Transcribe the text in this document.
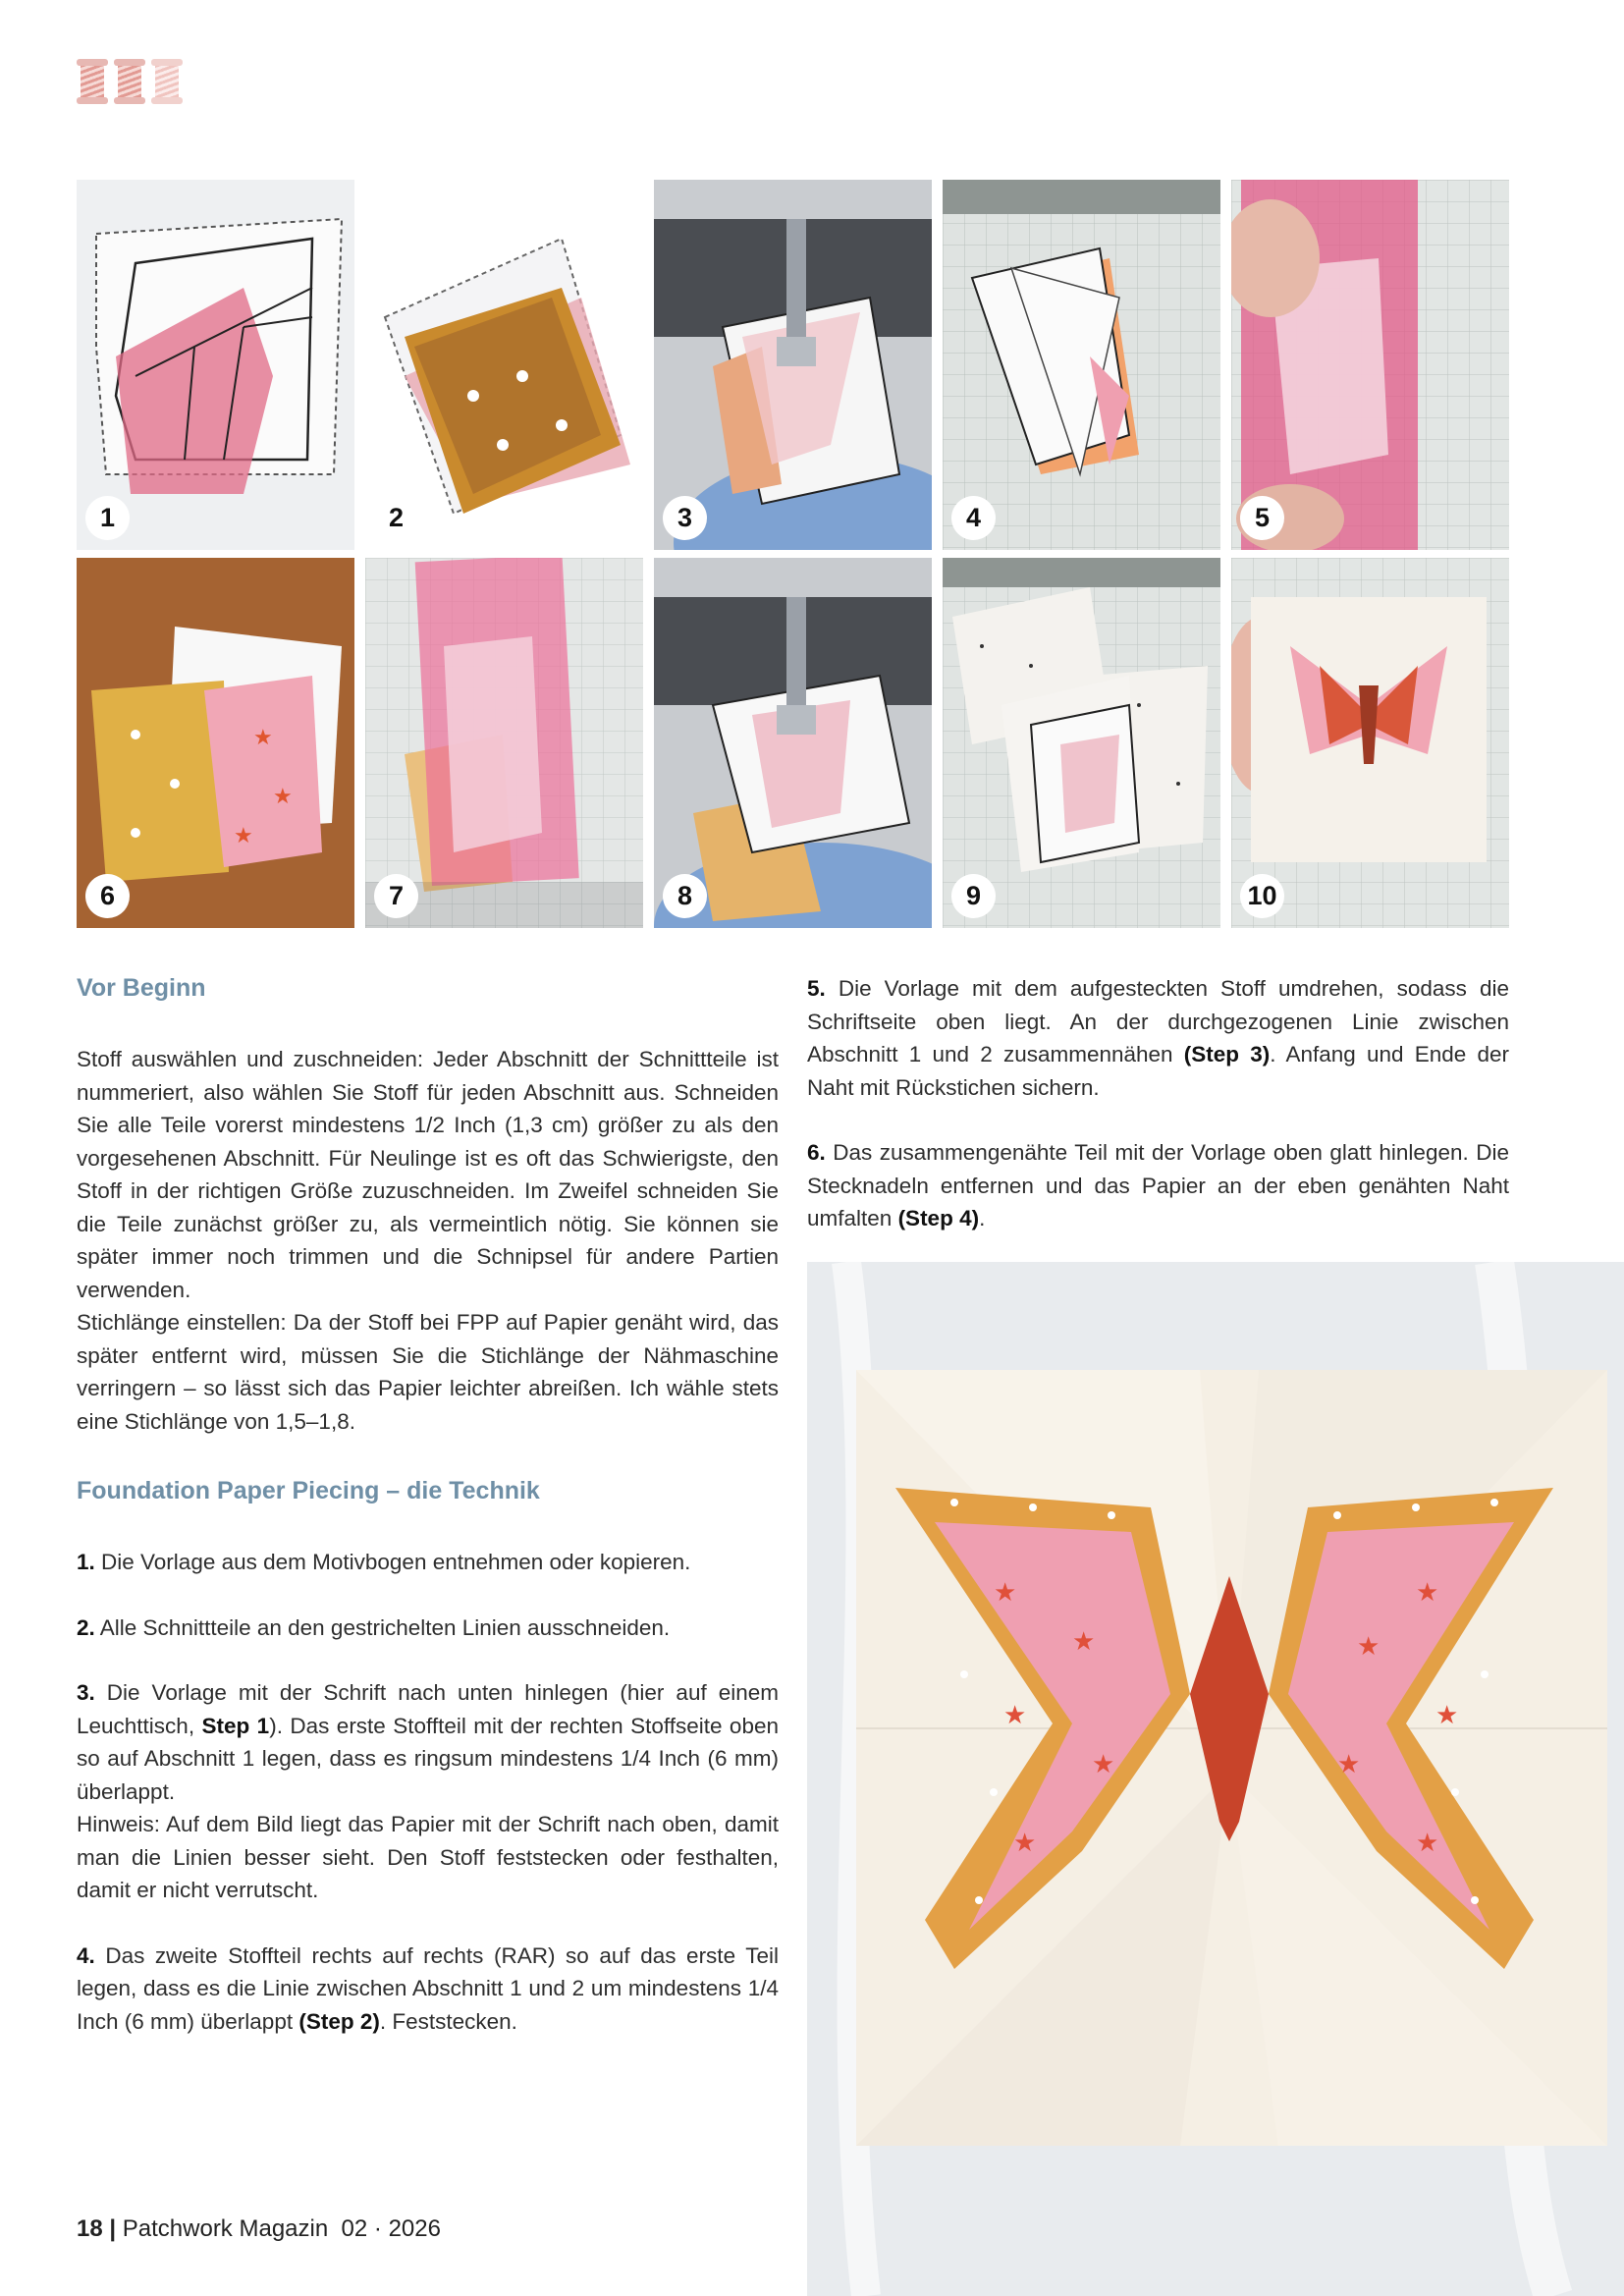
1	2	3	4	5
★
★
★
6	7	8	9	10
Vor Beginn

Stoff auswählen und zuschneiden: Jeder Abschnitt der Schnittteile ist nummeriert, also wählen Sie Stoff für jeden Abschnitt aus. Schneiden Sie alle Teile vorerst mindestens 1/2 Inch (1,3 cm) größer zu als den vorgesehenen Abschnitt. Für Neulinge ist es oft das Schwierigste, den Stoff in der richtigen Größe zuzuschneiden. Im Zweifel schneiden Sie die Teile zunächst größer zu, als vermeintlich nötig. Sie können sie später immer noch trimmen und die Schnipsel für andere Partien verwenden.

Stichlänge einstellen: Da der Stoff bei FPP auf Papier genäht wird, das später entfernt wird, müssen Sie die Stichlänge der Nähmaschine verringern – so lässt sich das Papier leichter abreißen. Ich wähle stets eine Stichlänge von 1,5–1,8.

Foundation Paper Piecing – die Technik

1. Die Vorlage aus dem Motivbogen entnehmen oder kopieren.

2. Alle Schnittteile an den gestrichelten Linien ausschneiden.

3. Die Vorlage mit der Schrift nach unten hinlegen (hier auf einem Leuchttisch, Step 1). Das erste Stoffteil mit der rechten Stoffseite oben so auf Abschnitt 1 legen, dass es ringsum mindestens 1/4 Inch (6 mm) überlappt.

Hinweis: Auf dem Bild liegt das Papier mit der Schrift nach oben, damit man die Linien besser sieht. Den Stoff feststecken oder festhalten, damit er nicht verrutscht.

4. Das zweite Stoffteil rechts auf rechts (RAR) so auf das erste Teil legen, dass es die Linie zwischen Abschnitt 1 und 2 um mindestens 1/4 Inch (6 mm) überlappt (Step 2). Feststecken.

5. Die Vorlage mit dem aufgesteckten Stoff umdrehen, sodass die Schriftseite oben liegt. An der durchgezogenen Linie zwischen Abschnitt 1 und 2 zusammennähen (Step 3). Anfang und Ende der Naht mit Rückstichen sichern.

6. Das zusammengenähte Teil mit der Vorlage oben glatt hinlegen. Die Stecknadeln entfernen und das Papier an der eben genähten Naht umfalten (Step 4).

★
★
★
★
★
★
★
★
★
★
18 | Patchwork Magazin 02 · 2026
